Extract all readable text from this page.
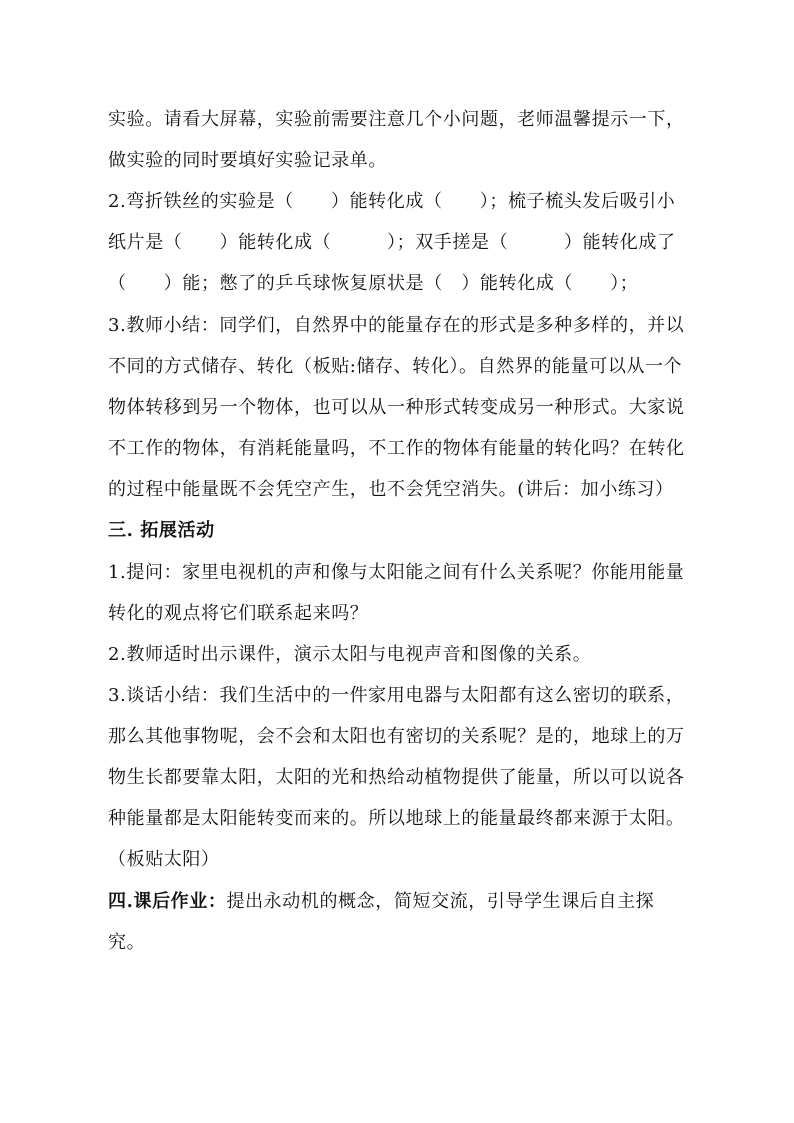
实验。请看大屏幕，实验前需要注意几个小问题，老师温馨提示一下，
做实验的同时要填好实验记录单。
2.弯折铁丝的实验是（　　）能转化成（　　）；梳子梳头发后吸引小
纸片是（　　）能转化成（　　　）；双手搓是（　　　）能转化成了
（　　）能；憋了的乒乓球恢复原状是（　）能转化成（　　）；
3.教师小结：同学们，自然界中的能量存在的形式是多种多样的，并以
不同的方式储存、转化（板贴:储存、转化）。自然界的能量可以从一个
物体转移到另一个物体，也可以从一种形式转变成另一种形式。大家说
不工作的物体，有消耗能量吗，不工作的物体有能量的转化吗？在转化
的过程中能量既不会凭空产生，也不会凭空消失。(讲后：加小练习）
三. 拓展活动
1.提问：家里电视机的声和像与太阳能之间有什么关系呢？你能用能量
转化的观点将它们联系起来吗？
2.教师适时出示课件，演示太阳与电视声音和图像的关系。
3.谈话小结：我们生活中的一件家用电器与太阳都有这么密切的联系，
那么其他事物呢，会不会和太阳也有密切的关系呢？是的，地球上的万
物生长都要靠太阳，太阳的光和热给动植物提供了能量，所以可以说各
种能量都是太阳能转变而来的。所以地球上的能量最终都来源于太阳。
（板贴太阳）
四.课后作业：提出永动机的概念，简短交流，引导学生课后自主探
究。
